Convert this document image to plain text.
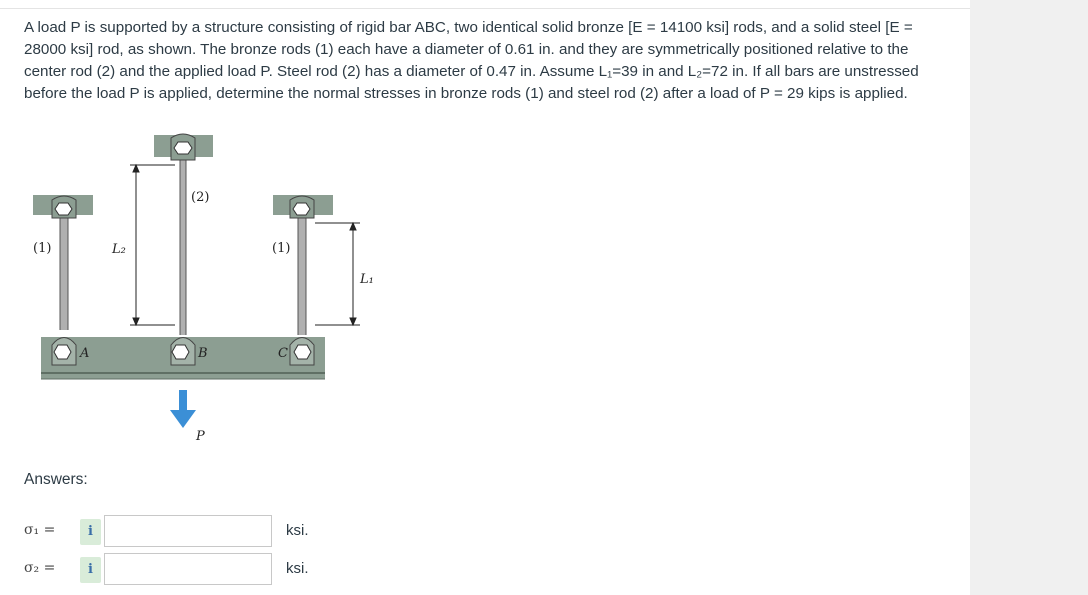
A load P is supported by a structure consisting of rigid bar ABC, two identical solid bronze [E = 14100 ksi] rods, and a solid steel [E = 28000 ksi] rod, as shown. The bronze rods (1) each have a diameter of 0.61 in. and they are symmetrically positioned relative to the center rod (2) and the applied load P. Steel rod (2) has a diameter of 0.47 in. Assume L₁=39 in and L₂=72 in. If all bars are unstressed before the load P is applied, determine the normal stresses in bronze rods (1) and steel rod (2) after a load of P = 29 kips is applied.

(1)
(2)
(1)
L₂
L₁
A	B	C
P
Answers:
σ₁ =	i	ksi.
σ₂ =	i	ksi.
